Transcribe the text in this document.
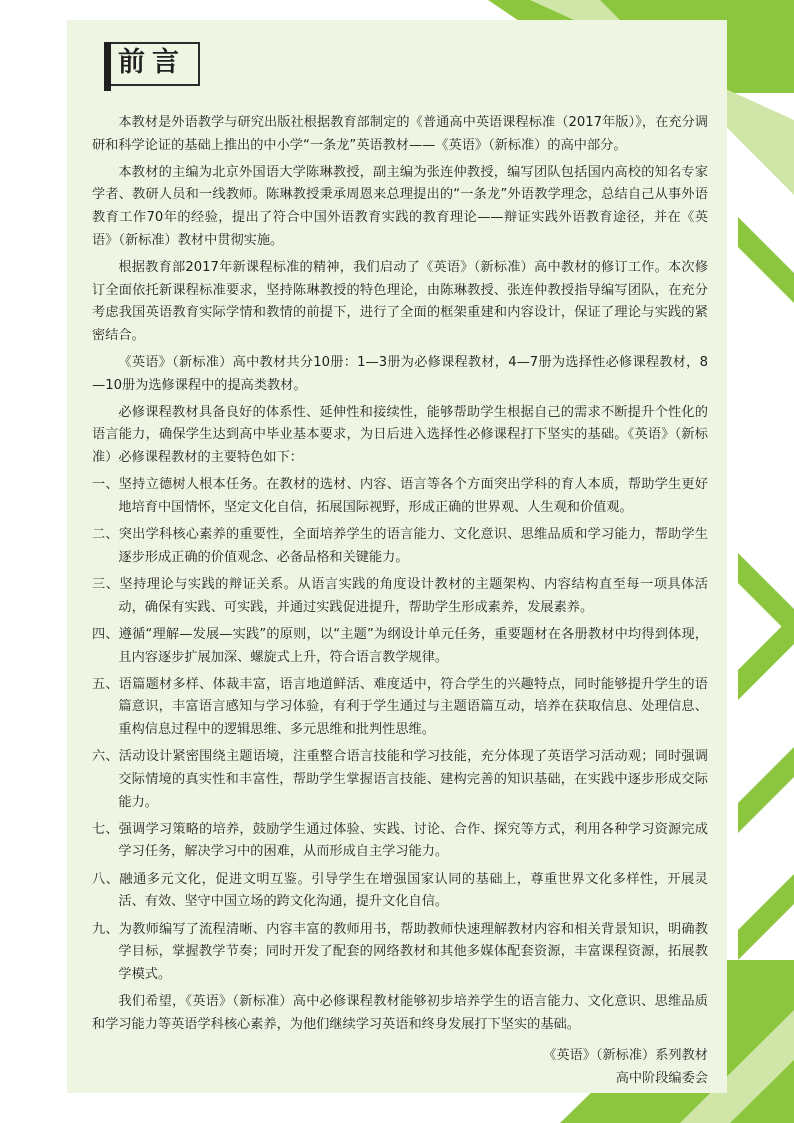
前言

本教材是外语教学与研究出版社根据教育部制定的《普通高中英语课程标准（2017年版）》，在充分调研和科学论证的基础上推出的中小学“一条龙”英语教材——《英语》（新标准）的高中部分。

本教材的主编为北京外国语大学陈琳教授，副主编为张连仲教授，编写团队包括国内高校的知名专家学者、教研人员和一线教师。陈琳教授秉承周恩来总理提出的“一条龙”外语教学理念，总结自己从事外语教育工作70年的经验，提出了符合中国外语教育实践的教育理论——辩证实践外语教育途径，并在《英语》（新标准）教材中贯彻实施。

根据教育部2017年新课程标准的精神，我们启动了《英语》（新标准）高中教材的修订工作。本次修订全面依托新课程标准要求，坚持陈琳教授的特色理论，由陈琳教授、张连仲教授指导编写团队，在充分考虑我国英语教育实际学情和教情的前提下，进行了全面的框架重建和内容设计，保证了理论与实践的紧密结合。

《英语》（新标准）高中教材共分10册：1—3册为必修课程教材，4—7册为选择性必修课程教材，8—10册为选修课程中的提高类教材。

必修课程教材具备良好的体系性、延伸性和接续性，能够帮助学生根据自己的需求不断提升个性化的语言能力，确保学生达到高中毕业基本要求，为日后进入选择性必修课程打下坚实的基础。《英语》（新标准）必修课程教材的主要特色如下：

一、坚持立德树人根本任务。在教材的选材、内容、语言等各个方面突出学科的育人本质，帮助学生更好地培育中国情怀，坚定文化自信，拓展国际视野，形成正确的世界观、人生观和价值观。

二、突出学科核心素养的重要性，全面培养学生的语言能力、文化意识、思维品质和学习能力，帮助学生逐步形成正确的价值观念、必备品格和关键能力。

三、坚持理论与实践的辩证关系。从语言实践的角度设计教材的主题架构、内容结构直至每一项具体活动，确保有实践、可实践，并通过实践促进提升，帮助学生形成素养，发展素养。

四、遵循“理解—发展—实践”的原则，以“主题”为纲设计单元任务，重要题材在各册教材中均得到体现，且内容逐步扩展加深、螺旋式上升，符合语言教学规律。

五、语篇题材多样、体裁丰富，语言地道鲜活、难度适中，符合学生的兴趣特点，同时能够提升学生的语篇意识，丰富语言感知与学习体验，有利于学生通过与主题语篇互动，培养在获取信息、处理信息、重构信息过程中的逻辑思维、多元思维和批判性思维。

六、活动设计紧密围绕主题语境，注重整合语言技能和学习技能，充分体现了英语学习活动观；同时强调交际情境的真实性和丰富性，帮助学生掌握语言技能、建构完善的知识基础，在实践中逐步形成交际能力。

七、强调学习策略的培养，鼓励学生通过体验、实践、讨论、合作、探究等方式，利用各种学习资源完成学习任务，解决学习中的困难，从而形成自主学习能力。

八、融通多元文化，促进文明互鉴。引导学生在增强国家认同的基础上，尊重世界文化多样性，开展灵活、有效、坚守中国立场的跨文化沟通，提升文化自信。

九、为教师编写了流程清晰、内容丰富的教师用书，帮助教师快速理解教材内容和相关背景知识，明确教学目标，掌握教学节奏；同时开发了配套的网络教材和其他多媒体配套资源，丰富课程资源，拓展教学模式。

我们希望，《英语》（新标准）高中必修课程教材能够初步培养学生的语言能力、文化意识、思维品质和学习能力等英语学科核心素养，为他们继续学习英语和终身发展打下坚实的基础。

《英语》（新标准）系列教材

高中阶段编委会
